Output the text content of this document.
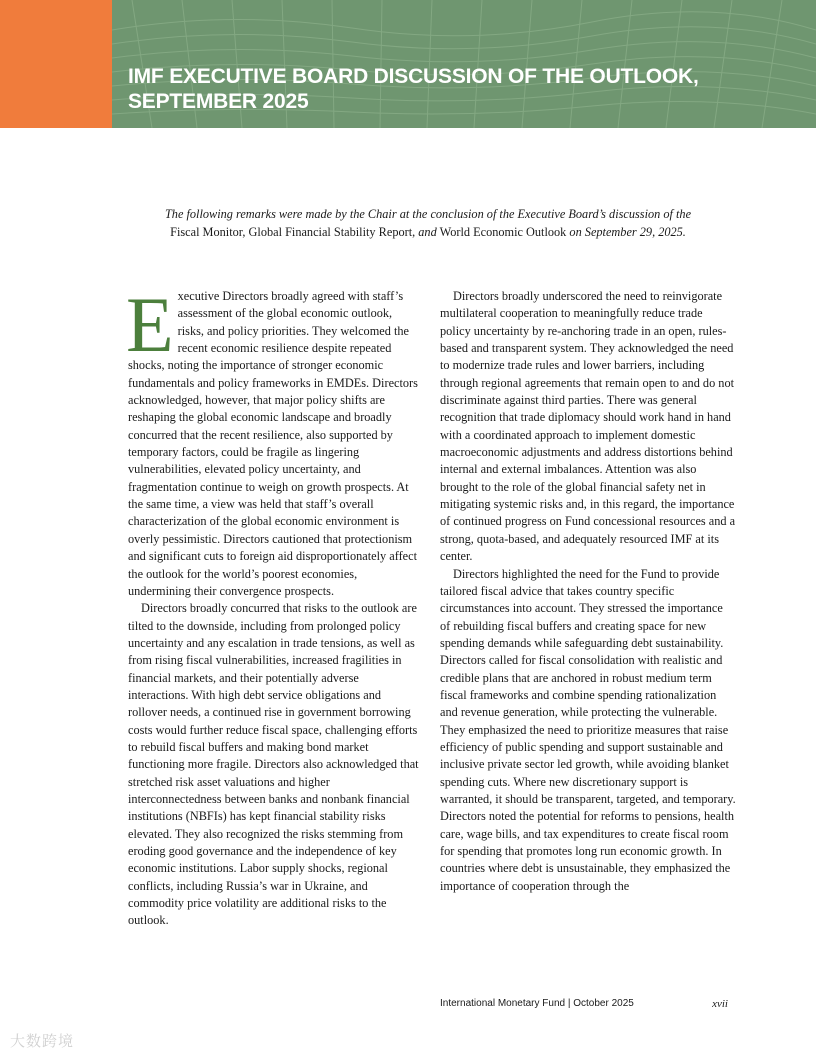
IMF EXECUTIVE BOARD DISCUSSION OF THE OUTLOOK,
SEPTEMBER 2025

The following remarks were made by the Chair at the conclusion of the Executive Board’s discussion of the
Fiscal Monitor, Global Financial Stability Report, and World Economic Outlook on September 29, 2025.

Executive Directors broadly agreed with staff’s assessment of the global economic outlook, risks, and policy priorities. They welcomed the recent economic resilience despite repeated shocks, noting the importance of stronger economic fundamentals and policy frameworks in EMDEs. Directors acknowledged, however, that major policy shifts are reshaping the global economic landscape and broadly concurred that the recent resilience, also supported by temporary factors, could be fragile as lingering vulnerabilities, elevated policy uncertainty, and fragmentation continue to weigh on growth prospects. At the same time, a view was held that staff’s overall characterization of the global economic environment is overly pessimistic. Directors cautioned that protectionism and significant cuts to foreign aid disproportionately affect the outlook for the world’s poorest economies, undermining their convergence prospects.

Directors broadly concurred that risks to the outlook are tilted to the downside, including from prolonged policy uncertainty and any escalation in trade tensions, as well as from rising fiscal vulnerabilities, increased fragilities in financial markets, and their potentially adverse interactions. With high debt service obligations and rollover needs, a continued rise in government borrowing costs would further reduce fiscal space, challenging efforts to rebuild fiscal buffers and making bond market functioning more fragile. Directors also acknowledged that stretched risk asset valuations and higher interconnectedness between banks and nonbank financial institutions (NBFIs) has kept financial stability risks elevated. They also recognized the risks stemming from eroding good governance and the independence of key economic institutions. Labor supply shocks, regional conflicts, including Russia’s war in Ukraine, and commodity price volatility are additional risks to the outlook.

Directors broadly underscored the need to reinvigorate multilateral cooperation to meaningfully reduce trade policy uncertainty by re-anchoring trade in an open, rules-based and transparent system. They acknowledged the need to modernize trade rules and lower barriers, including through regional agreements that remain open to and do not discriminate against third parties. There was general recognition that trade diplomacy should work hand in hand with a coordinated approach to implement domestic macroeconomic adjustments and address distortions behind internal and external imbalances. Attention was also brought to the role of the global financial safety net in mitigating systemic risks and, in this regard, the importance of continued progress on Fund concessional resources and a strong, quota-based, and adequately resourced IMF at its center.

Directors highlighted the need for the Fund to provide tailored fiscal advice that takes country specific circumstances into account. They stressed the importance of rebuilding fiscal buffers and creating space for new spending demands while safeguarding debt sustainability. Directors called for fiscal consolidation with realistic and credible plans that are anchored in robust medium term fiscal frameworks and combine spending rationalization and revenue generation, while protecting the vulnerable. They emphasized the need to prioritize measures that raise efficiency of public spending and support sustainable and inclusive private sector led growth, while avoiding blanket spending cuts. Where new discretionary support is warranted, it should be transparent, targeted, and temporary. Directors noted the potential for reforms to pensions, health care, wage bills, and tax expenditures to create fiscal room for spending that promotes long run economic growth. In countries where debt is unsustainable, they emphasized the importance of cooperation through the

International Monetary Fund | October 2025	xvii
大数跨境
